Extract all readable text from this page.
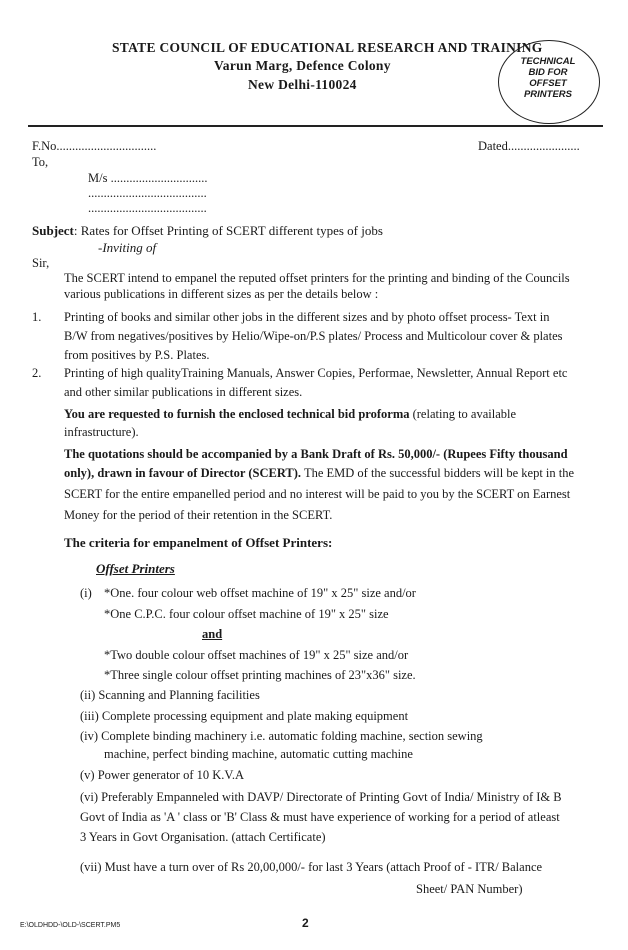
STATE COUNCIL OF EDUCATIONAL RESEARCH AND TRAINING
Varun Marg, Defence Colony
New Delhi-110024
TECHNICAL
BID FOR
OFFSET
PRINTERS
F.No................................	Dated.......................
To,
M/s ...............................
......................................
......................................
Subject: Rates for Offset Printing of SCERT different types of jobs
-Inviting of
Sir,
The SCERT intend to empanel the reputed offset printers for the printing and binding of the Councils
various publications in different sizes as per the details below :
1. Printing of books and similar other jobs in the different sizes and by photo offset process- Text in
B/W from negatives/positives by Helio/Wipe-on/P.S plates/ Process and Multicolour cover & plates
from positives by P.S. Plates.
2. Printing of high qualityTraining Manuals, Answer Copies, Performae, Newsletter, Annual Report etc
and other similar publications in different sizes.
You are requested to furnish the enclosed technical bid proforma (relating to available
infrastructure).
The quotations should be accompanied by a Bank Draft of Rs. 50,000/- (Rupees Fifty thousand
only), drawn in favour of Director (SCERT). The EMD of the successful bidders will be kept in the
SCERT for the entire empanelled period and no interest will be paid to you by the SCERT on Earnest
Money for the period of their retention in the SCERT.
The criteria for empanelment of Offset Printers:
Offset Printers
(i) *One. four colour web offset machine of 19" x 25" size and/or
*One C.P.C. four colour offset machine of 19" x 25" size
and
*Two double colour offset machines of 19" x 25" size and/or
*Three single colour offset printing machines of 23"x36" size.
(ii) Scanning and Planning facilities
(iii) Complete processing equipment and plate making equipment
(iv) Complete binding machinery i.e. automatic folding machine, section sewing
machine, perfect binding machine, automatic cutting machine
(v) Power generator of 10 K.V.A
(vi) Preferably Empanneled with DAVP/ Directorate of Printing Govt of India/ Ministry of I& B
Govt of India as 'A ' class or 'B' Class & must have experience of working for a period of atleast
3 Years in Govt Organisation. (attach Certificate)
(vii) Must have a turn over of Rs 20,00,000/- for last 3 Years (attach Proof of - ITR/ Balance
Sheet/ PAN Number)
E:\OLDHDD-\OLD-\SCERT.PM5	2
